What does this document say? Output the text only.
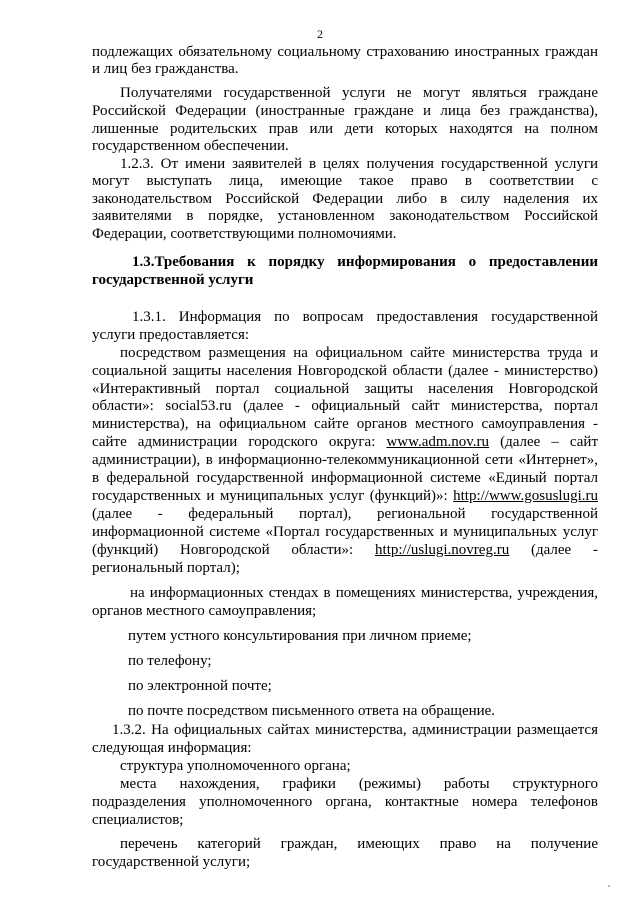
2
подлежащих обязательному социальному страхованию иностранных граждан
и лиц без гражданства.
Получателями государственной услуги не могут являться граждане
Российской Федерации (иностранные граждане и лица без гражданства),
лишенные родительских прав или дети которых находятся на полном
государственном обеспечении.
1.2.3. От имени заявителей в целях получения государственной услуги
могут выступать лица, имеющие такое право в соответствии с
законодательством Российской Федерации либо в силу наделения их
заявителями в порядке, установленном законодательством Российской
Федерации, соответствующими полномочиями.
1.3.Требования к порядку информирования о предоставлении
государственной услуги
1.3.1. Информация по вопросам предоставления государственной
услуги предоставляется:
посредством размещения на официальном сайте министерства труда и
социальной защиты населения Новгородской области (далее - министерство)
«Интерактивный портал социальной защиты населения Новгородской
области»: social53.ru (далее - официальный сайт министерства, портал
министерства), на официальном сайте органов местного самоуправления -
сайте администрации городского округа: www.adm.nov.ru (далее – сайт
администрации), в информационно-телекоммуникационной сети «Интернет»,
в федеральной государственной информационной системе «Единый портал
государственных и муниципальных услуг (функций)»: http://www.gosuslugi.ru
(далее - федеральный портал), региональной государственной
информационной системе «Портал государственных и муниципальных услуг
(функций) Новгородской области»: http://uslugi.novreg.ru (далее -
региональный портал);
на информационных стендах в помещениях министерства, учреждения,
органов местного самоуправления;
путем устного консультирования при личном приеме;
по телефону;
по электронной почте;
по почте посредством письменного ответа на обращение.
1.3.2. На официальных сайтах министерства, администрации размещается
следующая информация:
структура уполномоченного органа;
места нахождения, графики (режимы) работы структурного
подразделения уполномоченного органа, контактные номера телефонов
специалистов;
перечень категорий граждан, имеющих право на получение
государственной услуги;
